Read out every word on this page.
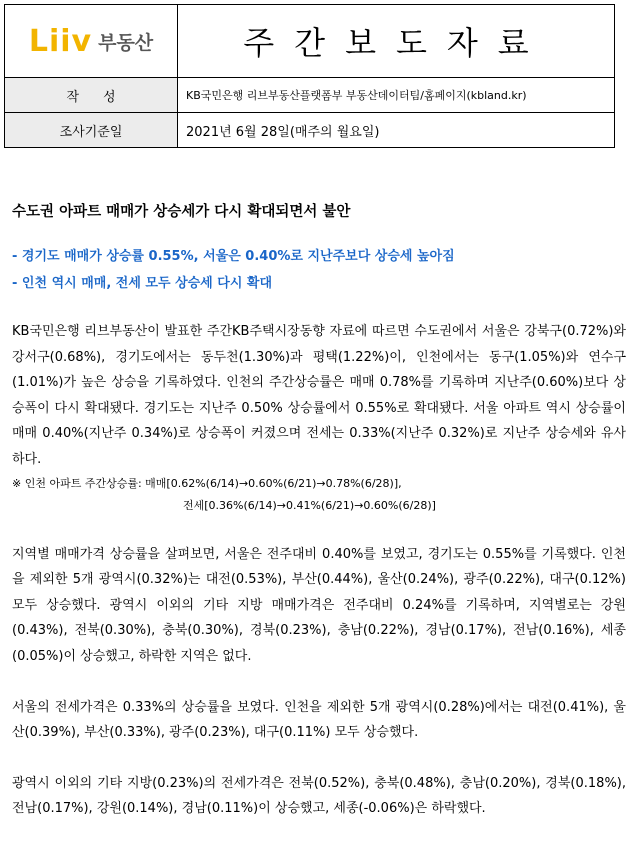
Liiv 부동산	주간보도자료
작성	KB국민은행 리브부동산플랫폼부 부동산데이터팀/홈페이지(kbland.kr)
조사기준일	2021년 6월 28일(매주의 월요일)

수도권 아파트 매매가 상승세가 다시 확대되면서 불안

- 경기도 매매가 상승률 0.55%, 서울은 0.40%로 지난주보다 상승세 높아짐
- 인천 역시 매매, 전세 모두 상승세 다시 확대

KB국민은행 리브부동산이 발표한 주간KB주택시장동향 자료에 따르면 수도권에서 서울은 강북구(0.72%)와 강서구(0.68%), 경기도에서는 동두천(1.30%)과 평택(1.22%)이, 인천에서는 동구(1.05%)와 연수구(1.01%)가 높은 상승을 기록하였다. 인천의 주간상승률은 매매 0.78%를 기록하며 지난주(0.60%)보다 상승폭이 다시 확대됐다. 경기도는 지난주 0.50% 상승률에서 0.55%로 확대됐다. 서울 아파트 역시 상승률이 매매 0.40%(지난주 0.34%)로 상승폭이 커졌으며 전세는 0.33%(지난주 0.32%)로 지난주 상승세와 유사하다.

※ 인천 아파트 주간상승률: 매매[0.62%(6/14)→0.60%(6/21)→0.78%(6/28)],
전세[0.36%(6/14)→0.41%(6/21)→0.60%(6/28)]

지역별 매매가격 상승률을 살펴보면, 서울은 전주대비 0.40%를 보였고, 경기도는 0.55%를 기록했다. 인천을 제외한 5개 광역시(0.32%)는 대전(0.53%), 부산(0.44%), 울산(0.24%), 광주(0.22%), 대구(0.12%) 모두 상승했다. 광역시 이외의 기타 지방 매매가격은 전주대비 0.24%를 기록하며, 지역별로는 강원(0.43%), 전북(0.30%), 충북(0.30%), 경북(0.23%), 충남(0.22%), 경남(0.17%), 전남(0.16%), 세종(0.05%)이 상승했고, 하락한 지역은 없다.

서울의 전세가격은 0.33%의 상승률을 보였다. 인천을 제외한 5개 광역시(0.28%)에서는 대전(0.41%), 울산(0.39%), 부산(0.33%), 광주(0.23%), 대구(0.11%) 모두 상승했다.

광역시 이외의 기타 지방(0.23%)의 전세가격은 전북(0.52%), 충북(0.48%), 충남(0.20%), 경북(0.18%), 전남(0.17%), 강원(0.14%), 경남(0.11%)이 상승했고, 세종(-0.06%)은 하락했다.
